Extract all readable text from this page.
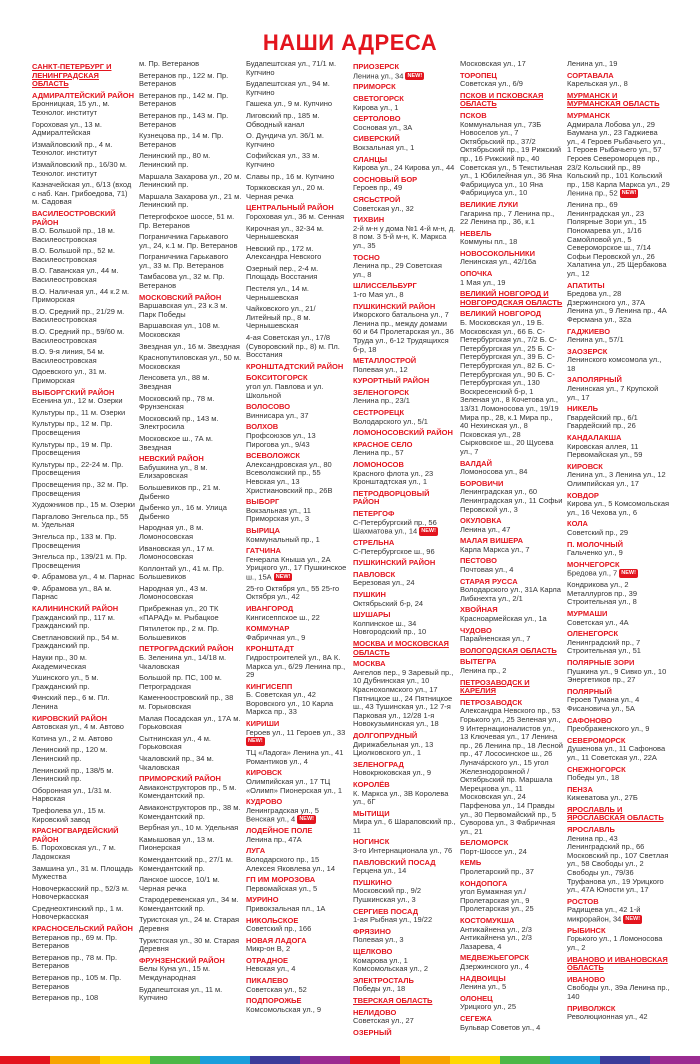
НАШИ АДРЕСА
САНКТ-ПЕТЕРБУРГ И ЛЕНИНГРАДСКАЯ ОБЛАСТЬ
АДМИРАЛТЕЙСКИЙ РАЙОН
Бронницкая, 15 ул., м. Технолог. институт
Гороховая ул., 13 м. Адмиралтейская
Измайловский пр., 4 м. Технолог. институт
Измайловский пр., 16/30 м. Технолог. институт
Казначейская ул., 6/13 (вход с наб. Кан. Грибоедова, 71) м. Садовая
ВАСИЛЕОСТРОВСКИЙ РАЙОН
В.О. Большой пр., 18 м. Василеостровская
В.О. Большой пр., 52 м. Василеостровская
В.О. Гаванская ул., 44 м. Василеостровская
В.О. Наличная ул., 44 к.2 м. Приморская
В.О. Средний пр., 21/29 м. Василеостровская
В.О. Средний пр., 59/60 м. Василеостровская
В.О. 9-я линия, 54 м. Василеостровская
Одоевского ул., 31 м. Приморская
ВЫБОРГСКИЙ РАЙОН
Есенина ул., 12 м. Озерки
Культуры пр., 11 м. Озерки
Культуры пр., 12 м. Пр. Просвещения
Культуры пр., 19 м. Пр. Просвещения
Культуры пр., 22-24 м. Пр. Просвещения
Просвещения пр., 32 м. Пр. Просвещения
Художников пр., 15 м. Озерки
Паргалово Энгельса пр., 55 м. Удельная
Энгельса пр., 133 м. Пр. Просвещения
Энгельса пр., 139/21 м. Пр. Просвещения
Ф. Абрамова ул., 4 м. Парнас
Ф. Абрамова ул., 8А м. Парнас
КАЛИНИНСКИЙ РАЙОН
Гражданский пр., 117 м. Гражданский пр.
Светлановский пр., 54 м. Гражданский пр.
Науки пр., 30 м. Академическая
Ушинского ул., 5 м. Гражданский пр.
Финский пер., 6 м. Пл. Ленина
КИРОВСКИЙ РАЙОН
Автовская ул., 4 м. Автово
Котина ул., 2 м. Автово
Ленинский пр., 120 м. Ленинский пр.
Ленинский пр., 138/5 м. Ленинский пр.
Оборонная ул., 1/31 м. Нарвская
Трефолева ул., 15 м. Кировский завод
КРАСНОГВАРДЕЙСКИЙ РАЙОН
Б. Пороховская ул., 7 м. Ладожская
Замшина ул., 31 м. Площадь Мужества
Новочеркасский пр., 52/3 м. Новочеркасская
Среднеохтинский пр., 1 м. Новочеркасская
КРАСНОСЕЛЬСКИЙ РАЙОН
Ветеранов пр., 69 м. Пр. Ветеранов
Ветеранов пр., 78 м. Пр. Ветеранов
Ветеранов пр., 105 м. Пр. Ветеранов
Ветеранов пр., 108
м. Пр. Ветеранов
Ветеранов пр., 122 м. Пр. Ветеранов
Ветеранов пр., 142 м. Пр. Ветеранов
Ветеранов пр., 143 м. Пр. Ветеранов
Кузнецова пр., 14 м. Пр. Ветеранов
Ленинский пр., 80 м. Ленинский пр.
Маршала Захарова ул., 20 м. Ленинский пр.
Маршала Захарова ул., 21 м. Ленинский пр.
Петергофское шоссе, 51 м. Пр. Ветеранов
Пограничника Гарькавого ул., 24, к.1 м. Пр. Ветеранов
Пограничника Гарькавого ул., 33 м. Пр. Ветеранов
Тамбасова ул., 32 м. Пр. Ветеранов
МОСКОВСКИЙ РАЙОН
Варшавская ул., 23 к.3 м. Парк Победы
Варшавская ул., 108 м. Московская
Звездная ул., 16 м. Звездная
Краснопутиловская ул., 50 м. Московская
Ленсовета ул., 88 м. Звездная
Московский пр., 78 м. Фрунзенская
Московский пр., 143 м. Электросила
Московское ш., 7А м. Звездная
НЕВСКИЙ РАЙОН
Бабушкина ул., 8 м. Елизаровская
Большевиков пр., 21 м. Дыбенко
Дыбенко ул., 16 м. Улица Дыбенко
Народная ул., 8 м. Ломоносовская
Ивановская ул., 17 м. Ломоносовская
Коллонтай ул., 41 м. Пр. Большевиков
Народная ул., 43 м. Ломоносовская
Прибрежная ул., 20 ТК «ПАРАД» м. Рыбацкое
Пятилеток пр., 2 м. Пр. Большевиков
ПЕТРОГРАДСКИЙ РАЙОН
Б. Зеленина ул., 14/18 м. Чкаловская
Большой пр. ПС, 100 м. Петроградская
Каменноостровский пр., 38 м. Горьковская
Малая Посадская ул., 17А м. Горьковская
Сытнинская ул., 4 м. Горьковская
Чкаловский пр., 34 м. Чкаловская
ПРИМОРСКИЙ РАЙОН
Авиаконструкторов пр., 5 м. Комендантский пр.
Авиаконструкторов пр., 38 м. Комендантский пр.
Вербная ул., 10 м. Удельная
Камышовая ул., 13 м. Пионерская
Комендантский пр., 27/1 м. Комендантский пр.
Ланское шоссе, 10/1 м. Черная речка
Стародеревенская ул., 34 м. Комендантский пр.
Туристская ул., 24 м. Старая Деревня
Туристская ул., 30 м. Старая Деревня
ФРУНЗЕНСКИЙ РАЙОН
Белы Куна ул., 15 м. Международная
Будапештская ул., 11 м. Купчино
Будапештская ул., 71/1 м. Купчино
Будапештская ул., 94 м. Купчино
Гашека ул., 9 м. Купчино
Лиговский пр., 185 м. Обводный канал
О. Дундича ул. 36/1 м. Купчино
Софийская ул., 33 м. Купчино
Славы пр., 16 м. Купчино
Торжковская ул., 20 м. Черная речка
ЦЕНТРАЛЬНЫЙ РАЙОН
Гороховая ул., 36 м. Сенная
Кирочная ул., 32-34 м. Чернышевская
Невский пр., 172 м. Александра Невского
Озерный пер., 2-4 м. Площадь Восстания
Пестеля ул., 14 м. Чернышевская
Чайковского ул., 21/ Литейный пр., 8 м. Чернышевская
4-ая Советская ул., 17/8 (Суворовский пр., 8) м. Пл. Восстания
КРОНШТАДТСКИЙ РАЙОН
БОКСИТОГОРСК
угол ул. Павлова и ул. Школьной
ВОЛОСОВО
Виннисара ул., 37
ВОЛХОВ
Профсоюзов ул., 13 Пирогова ул., 9/43
ВСЕВОЛОЖСК
Александровская ул., 80 Всеволожский пр., 55 Невская ул., 13 Христиановский пр., 26В
ВЫБОРГ
Вокзальная ул., 11 Приморская ул., 3
ВЫРИЦА
Коммунальный пр., 1
ГАТЧИНА
Генерала Кныша ул., 2А Урицкого ул., 17 Пушкинское ш., 15А NEW!
25-го Октября ул., 55 25-го Октября ул., 42
ИВАНГОРОД
Кингисеппское ш., 22
КОММУНАР
Фабричная ул., 9
КРОНШТАДТ
Гидростроителей ул., 8А К. Маркса ул., 6/29 Ленина пр., 29
КИНГИСЕПП
Б. Советская ул., 42 Воровского ул., 10 Карла Маркса пр., 33
КИРИШИ
Героев ул., 11 Героев ул., 33 NEW!
ТЦ «Ладога» Ленина ул., 41 Романтиков ул., 4
КИРОВСК
Олимпийская ул., 17 ТЦ «Олимп» Пионерская ул., 1
КУДРОВО
Ленинградская ул., 5 Венская ул., 4 NEW!
ЛОДЕЙНОЕ ПОЛЕ
Ленина пр., 47А
ЛУГА
Володарского пр., 15 Алексея Яковлева ул., 14
ГП ИМ МОРОЗОВА
Первомайская ул., 5
МУРИНО
Привокзальная пл., 1А
НИКОЛЬСКОЕ
Советский пр., 166
НОВАЯ ЛАДОГА
Микр-он В, 2
ОТРАДНОЕ
Невская ул., 4
ПИКАЛЕВО
Советская ул., 52
ПОДПОРОЖЬЕ
Комсомольская ул., 9
ПРИОЗЕРСК
Ленина ул., 34 NEW!
ПРИМОРСК
СВЕТОГОРСК
Кирова ул., 1
СЕРТОЛОВО
Сосновая ул., 3А
СИВЕРСКИЙ
Вокзальная ул., 1
СЛАНЦЫ
Кирова ул., 24 Кирова ул., 44
СОСНОВЫЙ БОР
Героев пр., 49
СЯСЬСТРОЙ
Советская ул., 32
ТИХВИН
2-й м-н у дома №1 4-й м-н, д. 8 пом. 3 5-й м-н, К. Маркса ул., 35
ТОСНО
Ленина пр., 29 Советская ул., 8
ШЛИССЕЛЬБУРГ
1-го Мая ул., 8
ПУШКИНСКИЙ РАЙОН
Ижорского батальона ул., 7 Ленина пр., между домами 60 и 64 Пролетарская ул., 36 Труда ул., 6-12 Трудящихся б-р, 18
МЕТАЛЛОСТРОЙ
Полевая ул., 12
КУРОРТНЫЙ РАЙОН
ЗЕЛЕНОГОРСК
Ленина пр., 23/1
СЕСТРОРЕЦК
Володарского ул., 5/1
ЛОМОНОСОВСКИЙ РАЙОН
КРАСНОЕ СЕЛО
Ленина пр., 57
ЛОМОНОСОВ
Красного флота ул., 23 Кронштадтская ул., 1
ПЕТРОДВОРЦОВЫЙ РАЙОН
ПЕТЕРГОФ
С-Петербургский пр., 56 Шахматова ул., 14 NEW!
СТРЕЛЬНА
С-Петербургское ш., 96
ПУШКИНСКИЙ РАЙОН
ПАВЛОВСК
Березовая ул., 24
ПУШКИН
Октябрьский б-р, 24
ШУШАРЫ
Колпинское ш., 34 Новгородский пр., 10
МОСКВА И МОСКОВСКАЯ ОБЛАСТЬ
МОСКВА
Ангелов пер., 9 Заревый пр., 10 Дубнинская ул., 10 Краснохолмского ул., 17 Пятницкое ш., 24 Пятницкое ш., 43 Тушинская ул., 12 7-я Парковая ул., 12/28 1-я Новокузьминская ул., 18
ДОЛГОПРУДНЫЙ
Дирижабельная ул., 13 Циолковского ул., 1
ЗЕЛЕНОГРАД
Новокрюковская ул., 9
КОРОЛЁВ
К. Маркса ул., 3В Королева ул., 6Г
МЫТИЩИ
Мира ул., 6 Шараповский пр., 11
НОГИНСК
3-го Интернационала ул., 76
ПАВЛОВСКИЙ ПОСАД
Герцена ул., 14
ПУШКИНО
Московский пр., 9/2 Пушкинская ул., 3
СЕРГИЕВ ПОСАД
1-ая Рыбная ул., 19/22
ФРЯЗИНО
Полевая ул., 3
ЩЕЛКОВО
Комарова ул., 1 Комсомольская ул., 2
ЭЛЕКТРОСТАЛЬ
Победы ул., 18
ТВЕРСКАЯ ОБЛАСТЬ
НЕЛИДОВО
Советская ул., 27
ОЗЕРНЫЙ
Московская ул., 17
ТОРОПЕЦ
Советская ул., 6/9
ПСКОВ И ПСКОВСКАЯ ОБЛАСТЬ
ПСКОВ
Коммунальная ул., 73Б Новоселов ул., 7 Октябрьский пр., 37/2 Октябрьский пр., 19 Рижский пр., 16 Рижский пр., 40 Советская ул., 5 Текстильная ул., 1 Юбилейная ул., 36 Яна Фабрициуса ул., 10 Яна Фабрициуса ул., 10
ВЕЛИКИЕ ЛУКИ
Гагарина пр., 7 Ленина пр., 22 Ленина пр., 36, к.1
НЕВЕЛЬ
Коммуны пл., 18
НОВОСОКОЛЬНИКИ
Ленинская ул., 42/16а
ОПОЧКА
1 Мая ул., 19
ВЕЛИКИЙ НОВГОРОД И НОВГОРОДСКАЯ ОБЛАСТЬ
ВЕЛИКИЙ НОВГОРОД
Б. Московская ул., 19 Б. Московская ул., 66 Б. С-Петербургская ул., 7/2 Б. С-Петербургская ул., 25 Б. С-Петербургская ул., 39 Б. С-Петербургская ул., 82 Б. С-Петербургская ул., 90 Б. С-Петербургская ул., 130 Воскресенский б-р, 1 Зеленая ул., 8 Кочетова ул., 13/31 Ломоносова ул., 19/19 Мира пр., 28, к.1 Мира пр., 40 Нехинская ул., 8 Псковская ул., 28 Сырковское ш., 20 Щусева ул., 7
ВАЛДАЙ
Ломоносова ул., 84
БОРОВИЧИ
Ленинградская ул., 60 Ленинградская ул., 11 Софьи Перовской ул., 3
ОКУЛОВКА
Ленина ул., 47
МАЛАЯ ВИШЕРА
Карла Маркса ул., 7
ПЕСТОВО
Почтовая ул., 4
СТАРАЯ РУССА
Володарского ул., 31А Карла Либкнехта ул., 2/1
ХВОЙНАЯ
Красноармейская ул., 1а
ЧУДОВО
Парайненская ул., 7
ВОЛОГОДСКАЯ ОБЛАСТЬ
ВЫТЕГРА
Ленина пр., 2
ПЕТРОЗАВОДСК И КАРЕЛИЯ
ПЕТРОЗАВОДСК
Александра Невского пр., 53 Горького ул., 25 Зеленая ул., 9 Интернационалистов ул., 13 Ключевая ул., 17 Ленина пр., 26 Ленина пр., 18 Лесной пр., 47 Лососинское ш., 26 Лунача́рского ул., 15 угол Железнодорожной / Октябрьский пр. Маршала Мерецкова ул., 11 Московская ул., 24 Парфенова ул., 14 Правды ул., 30 Первомайский пр., 5 Суворова ул., 3 Фабричная ул., 21
БЕЛОМОРСК
Порт-Шоссе ул., 24
КЕМЬ
Пролетарский пр., 37
КОНДОПОГА
угол Бумажная ул./ Пролетарская ул., 9 Пролетарская ул., 25
КОСТОМУКША
Антикайнена ул., 2/3 Антикайнена ул., 2/3 Лазарева, 4
МЕДВЕЖЬЕГОРСК
Дзержинского ул., 4
НАДВОИЦЫ
Ленина ул., 5
ОЛОНЕЦ
Урицкого ул., 25
СЕГЕЖА
Бульвар Советов ул., 4
Ленина ул., 19
СОРТАВАЛА
Карельская ул., 8
МУРМАНСК И МУРМАНСКАЯ ОБЛАСТЬ
МУРМАНСК
Адмирала Лобова ул., 29 Баумана ул., 23 Гаджиева ул., 4 Героев Рыбачьего ул., 1 Героев Рыбачьего ул., 57 Героев Североморцев пр., 23/2 Кольский пр., 89 Кольский пр., 101 Кольский пр., 158 Карла Маркса ул., 29 Ленина пр., 52 NEW!
Ленина пр., 69 Ленинградская ул., 23 Полярные Зори ул., 15 Пономарева ул., 1/16 Самойловой ул., 5 Североморское ш., 7/14 Софьи Перовской ул., 26 Халатина ул., 25 Щербакова ул., 12
АПАТИТЫ
Бредова ул., 28 Дзержинского ул., 37А Ленина ул., 9 Ленина пр., 4А Ферсмана ул., 32а
ГАДЖИЕВО
Ленина ул., 57/1
ЗАОЗЕРСК
Ленинского комсомола ул., 18
ЗАПОЛЯРНЫЙ
Ленинская ул., 7 Крупской ул., 17
НИКЕЛЬ
Гвардейский пр., 6/1 Гвардейский пр., 26
КАНДАЛАКША
Кировская аллея, 11 Первомайская ул., 59
КИРОВСК
Ленина ул., 3 Ленина ул., 12 Олимпийская ул., 17
КОВДОР
Кирова ул., 5 Комсомольская ул., 16 Чехова ул., 6
КОЛА
Советский пр., 29
П. МОЛОЧНЫЙ
Гальченко ул., 9
МОНЧЕГОРСК
Бредова ул., 7 NEW!
Кондрикова ул., 2 Металлургов пр., 39 Строительная ул., 8
МУРМАШИ
Советская ул., 4А
ОЛЕНЕГОРСК
Ленинградский пр., 7 Строительная ул., 51
ПОЛЯРНЫЕ ЗОРИ
Пушкина ул., 9 Сивко ул., 10 Энергетиков пр., 27
ПОЛЯРНЫЙ
Героев Тумана ул., 4 Фисановича ул., 5А
САФОНОВО
Преображенского ул., 9
СЕВЕРОМОРСК
Душенова ул., 11 Сафонова ул., 11 Советская ул., 22А
СНЕЖНОГОРСК
Победы ул., 18
ПЕНЗА
Кижеватова ул., 27Б
ЯРОСЛАВЛЬ И ЯРОСЛАВСКАЯ ОБЛАСТЬ
ЯРОСЛАВЛЬ
Ленина пр., 43 Ленинградский пр., 66 Московский пр., 107 Светлая ул., 58 Свободы ул., 2 Свободы ул., 79/36 Труфанова ул., 19 Урицкого ул., 47А Юности ул., 17
РОСТОВ
Радищева ул., 42 1-й микрорайон, 34 NEW!
РЫБИНСК
Горького ул., 1 Ломоносова ул., 2
ИВАНОВО И ИВАНОВСКАЯ ОБЛАСТЬ
ИВАНОВО
Свободы ул., 39а Ленина пр., 140
ПРИВОЛЖСК
Революционная ул., 42
